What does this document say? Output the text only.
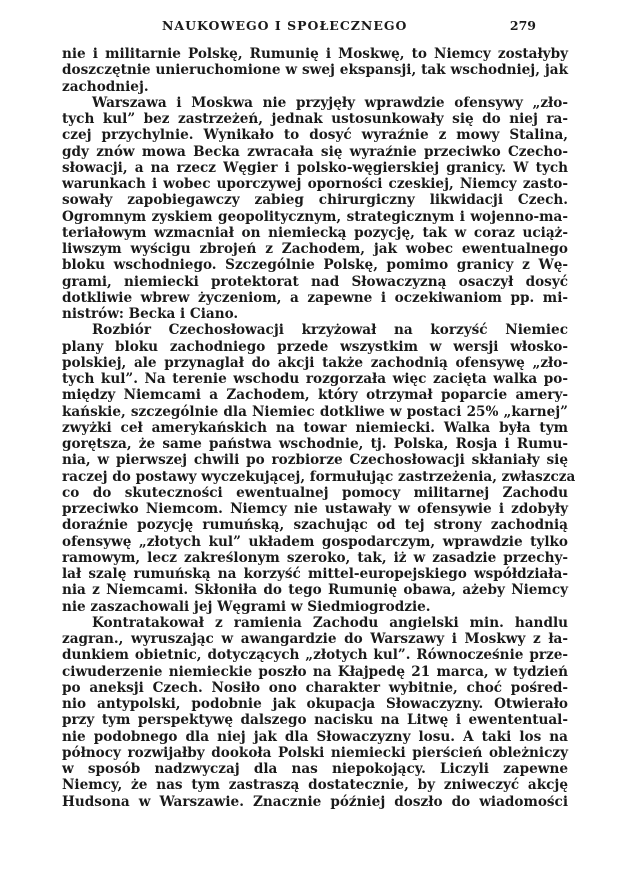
NAUKOWEGO I SPOŁECZNEGO	279
nie i militarnie Polskę, Rumunię i Moskwę, to Niemcy zostałyby
doszczętnie unieruchomione w swej ekspansji, tak wschodniej, jak
zachodniej.
Warszawa i Moskwa nie przyjęły wprawdzie ofensywy „zło-
tych kul” bez zastrzeżeń, jednak ustosunkowały się do niej ra-
czej przychylnie. Wynikało to dosyć wyraźnie z mowy Stalina,
gdy znów mowa Becka zwracała się wyraźnie przeciwko Czecho-
słowacji, a na rzecz Węgier i polsko-węgierskiej granicy. W tych
warunkach i wobec uporczywej oporności czeskiej, Niemcy zasto-
sowały zapobiegawczy zabieg chirurgiczny likwidacji Czech.
Ogromnym zyskiem geopolitycznym, strategicznym i wojenno-ma-
teriałowym wzmacniał on niemiecką pozycję, tak w coraz uciąż-
liwszym wyścigu zbrojeń z Zachodem, jak wobec ewentualnego
bloku wschodniego. Szczególnie Polskę, pomimo granicy z Wę-
grami, niemiecki protektorat nad Słowaczyzną osaczył dosyć
dotkliwie wbrew życzeniom, a zapewne i oczekiwaniom pp. mi-
nistrów: Becka i Ciano.
Rozbiór Czechosłowacji krzyżował na korzyść Niemiec
plany bloku zachodniego przede wszystkim w wersji włosko-
polskiej, ale przynaglał do akcji także zachodnią ofensywę „zło-
tych kul”. Na terenie wschodu rozgorzała więc zacięta walka po-
między Niemcami a Zachodem, który otrzymał poparcie amery-
kańskie, szczególnie dla Niemiec dotkliwe w postaci 25% „karnej”
zwyżki ceł amerykańskich na towar niemiecki. Walka była tym
goręts​za, że same państwa wschodnie, tj. Polska, Rosja i Rumu-
nia, w pierwszej chwili po rozbiorze Czechosłowacji skłaniały się
raczej do postawy wyczekującej, formułując zastrzeżenia, zwłaszcza
co do skuteczności ewentualnej pomocy militarnej Zachodu
przeciwko Niemcom. Niemcy nie ustawały w ofensywie i zdobyły
doraźnie pozycję rumuńską, szachując od tej strony zachodnią
ofensywę „złotych kul” układem gospodarczym, wprawdzie tylko
ramowym, lecz zakreślonym szeroko, tak, iż w zasadzie przechy-
lał szalę rumuńską na korzyść mittel-europejskiego współdziała-
nia z Niemcami. Skłoniła do tego Rumunię obawa, ażeby Niemcy
nie zaszachowali jej Węgrami w Siedmiogrodzie.
Kontratakował z ramienia Zachodu angielski min. handlu
zagran., wyruszając w awangardzie do Warszawy i Moskwy z ła-
dunkiem obietnic, dotyczących „złotych kul”. Równocześnie prze-
ciwuderzenie niemieckie poszło na Kłajpedę 21 marca, w tydzień
po aneksji Czech. Nosiło ono charakter wybitnie, choć pośred-
nio antypolski, podobnie jak okupacja Słowaczyzny. Otwierało
przy tym perspektywę dalszego nacisku na Litwę i ewententual-
nie podobnego dla niej jak dla Słowaczyzny losu. A taki los na
północy rozwijałby dookoła Polski niemiecki pierścień obleżniczy
w sposób nadzwyczaj dla nas niepokojący. Liczyli zapewne
Niemcy, że nas tym zastraszą dostatecznie, by zniweczyć akcję
Hudsona w Warszawie. Znacznie później doszło do wiadomości
